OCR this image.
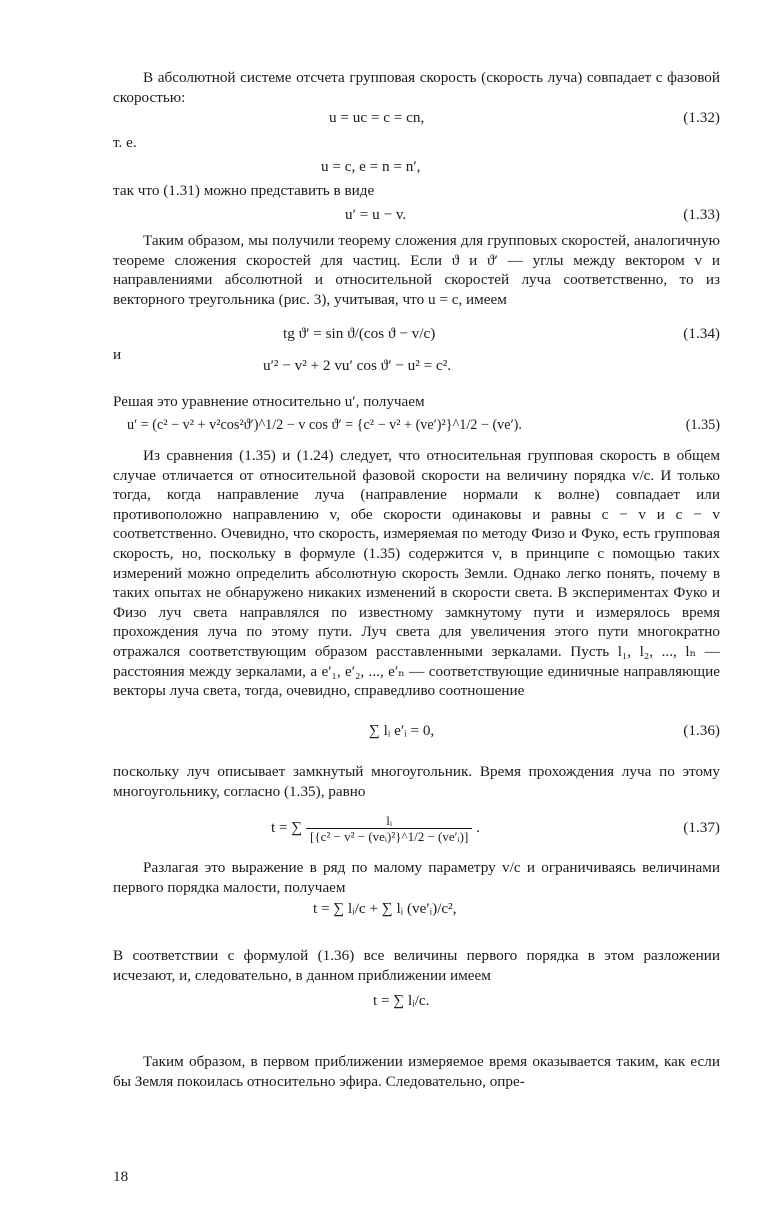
В абсолютной системе отсчета групповая скорость (скорость луча) совпадает с фазовой скоростью:

u = uc = c = cn,	(1.32)

т. е.

u = c, e = n = n′,

так что (1.31) можно представить в виде

u′ = u − v.	(1.33)

Таким образом, мы получили теорему сложения для групповых скоростей, аналогичную теореме сложения скоростей для частиц. Если ϑ и ϑ′ — углы между вектором v и направлениями абсолютной и относительной скоростей луча соответственно, то из векторного треугольника (рис. 3), учитывая, что u = c, имеем

tg ϑ′ = sin ϑ/(cos ϑ − v/c)	(1.34)

и

u′² − v² + 2 vu′ cos ϑ′ − u² = c².

Решая это уравнение относительно u′, получаем

u′ = (c² − v² + v²cos²ϑ′)^1/2 − v cos ϑ′ = {c² − v² + (ve′)²}^1/2 − (ve′).	(1.35)

Из сравнения (1.35) и (1.24) следует, что относительная групповая скорость в общем случае отличается от относительной фазовой скорости на величину порядка v/c. И только тогда, когда направление луча (направление нормали к волне) совпадает или противоположно направлению v, обе скорости одинаковы и равны c − v и c − v соответственно. Очевидно, что скорость, измеряемая по методу Физо и Фуко, есть групповая скорость, но, поскольку в формуле (1.35) содержится v, в принципе с помощью таких измерений можно определить абсолютную скорость Земли. Однако легко понять, почему в таких опытах не обнаружено никаких изменений в скорости света. В экспериментах Фуко и Физо луч света направлялся по известному замкнутому пути и измерялось время прохождения луча по этому пути. Луч света для увеличения этого пути многократно отражался соответствующим образом расставленными зеркалами. Пусть l₁, l₂, ..., lₙ — расстояния между зеркалами, а e′₁, e′₂, ..., e′ₙ — соответствующие единичные направляющие векторы луча света, тогда, очевидно, справедливо соотношение

∑ lᵢ e′ᵢ = 0,	(1.36)

поскольку луч описывает замкнутый многоугольник. Время прохождения луча по этому многоугольнику, согласно (1.35), равно

t = ∑ $\frac{\text{lᵢ}}{\text{[\{c² − v² − (veᵢ)²\}\textasciicircum{}1/2 − (ve′ᵢ)]}}$ .	(1.37)

Разлагая это выражение в ряд по малому параметру v/c и ограничиваясь величинами первого порядка малости, получаем

t = ∑ lᵢ/c + ∑ lᵢ (ve′ᵢ)/c²,

В соответствии с формулой (1.36) все величины первого порядка в этом разложении исчезают, и, следовательно, в данном приближении имеем

t = ∑ lᵢ/c.

Таким образом, в первом приближении измеряемое время оказывается таким, как если бы Земля покоилась относительно эфира. Следовательно, опре-

18
